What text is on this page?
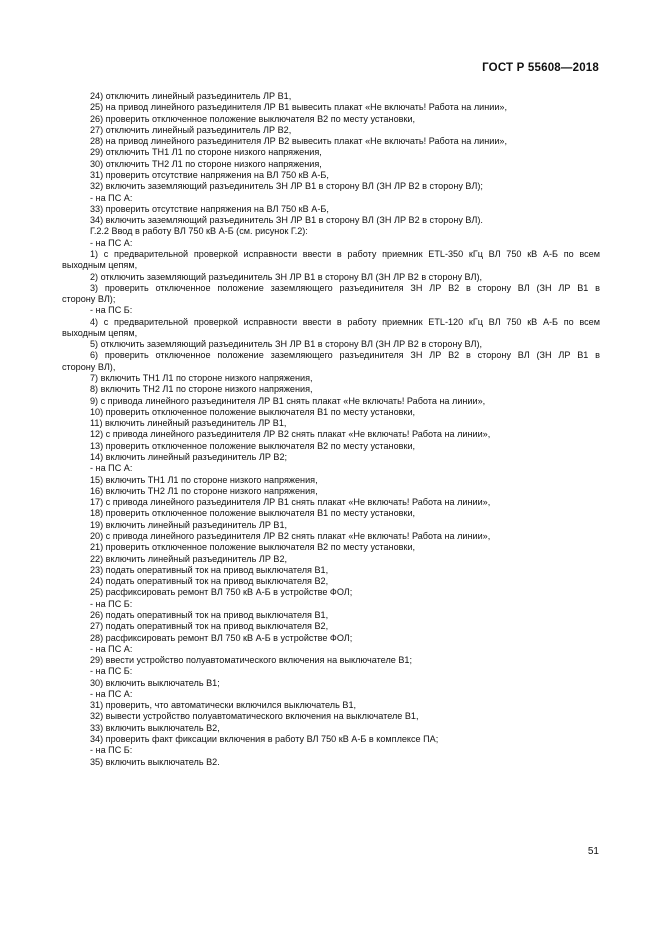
ГОСТ Р 55608—2018
24) отключить линейный разъединитель ЛР В1,
25) на привод линейного разъединителя ЛР В1 вывесить плакат «Не включать! Работа на линии»,
26) проверить отключенное положение выключателя В2 по месту установки,
27) отключить линейный разъединитель ЛР В2,
28) на привод линейного разъединителя ЛР В2 вывесить плакат «Не включать! Работа на линии»,
29) отключить ТН1 Л1 по стороне низкого напряжения,
30) отключить ТН2 Л1 по стороне низкого напряжения,
31) проверить отсутствие напряжения на ВЛ 750 кВ А-Б,
32) включить заземляющий разъединитель ЗН ЛР В1 в сторону ВЛ (ЗН ЛР В2 в сторону ВЛ);
- на ПС А:
33) проверить отсутствие напряжения на ВЛ 750 кВ А-Б,
34) включить заземляющий разъединитель ЗН ЛР В1 в сторону ВЛ (ЗН ЛР В2 в сторону ВЛ).
Г.2.2 Ввод в работу ВЛ 750 кВ А-Б (см. рисунок Г.2):
- на ПС А:
1) с предварительной проверкой исправности ввести в работу приемник ETL-350 кГц ВЛ 750 кВ А-Б по всем
выходным цепям,
2) отключить заземляющий разъединитель ЗН ЛР В1 в сторону ВЛ (ЗН ЛР В2 в сторону ВЛ),
3) проверить отключенное положение заземляющего разъединителя ЗН ЛР В2 в сторону ВЛ (ЗН ЛР В1 в
сторону ВЛ);
- на ПС Б:
4) с предварительной проверкой исправности ввести в работу приемник ETL-120 кГц ВЛ 750 кВ А-Б по всем
выходным цепям,
5) отключить заземляющий разъединитель ЗН ЛР В1 в сторону ВЛ (ЗН ЛР В2 в сторону ВЛ),
6) проверить отключенное положение заземляющего разъединителя ЗН ЛР В2 в сторону ВЛ (ЗН ЛР В1 в
сторону ВЛ),
7) включить ТН1 Л1 по стороне низкого напряжения,
8) включить ТН2 Л1 по стороне низкого напряжения,
9) с привода линейного разъединителя ЛР В1 снять плакат «Не включать! Работа на линии»,
10) проверить отключенное положение выключателя В1 по месту установки,
11) включить линейный разъединитель ЛР В1,
12) с привода линейного разъединителя ЛР В2 снять плакат «Не включать! Работа на линии»,
13) проверить отключенное положение выключателя В2 по месту установки,
14) включить линейный разъединитель ЛР В2;
- на ПС А:
15) включить ТН1 Л1 по стороне низкого напряжения,
16) включить ТН2 Л1 по стороне низкого напряжения,
17) с привода линейного разъединителя ЛР В1 снять плакат «Не включать! Работа на линии»,
18) проверить отключенное положение выключателя В1 по месту установки,
19) включить линейный разъединитель ЛР В1,
20) с привода линейного разъединителя ЛР В2 снять плакат «Не включать! Работа на линии»,
21) проверить отключенное положение выключателя В2 по месту установки,
22) включить линейный разъединитель ЛР В2,
23) подать оперативный ток на привод выключателя В1,
24) подать оперативный ток на привод выключателя В2,
25) расфиксировать ремонт ВЛ 750 кВ А-Б в устройстве ФОЛ;
- на ПС Б:
26) подать оперативный ток на привод выключателя В1,
27) подать оперативный ток на привод выключателя В2,
28) расфиксировать ремонт ВЛ 750 кВ А-Б в устройстве ФОЛ;
- на ПС А:
29) ввести устройство полуавтоматического включения на выключателе В1;
- на ПС Б:
30) включить выключатель В1;
- на ПС А:
31) проверить, что автоматически включился выключатель В1,
32) вывести устройство полуавтоматического включения на выключателе В1,
33) включить выключатель В2,
34) проверить факт фиксации включения в работу ВЛ 750 кВ А-Б в комплексе ПА;
- на ПС Б:
35) включить выключатель В2.
51
